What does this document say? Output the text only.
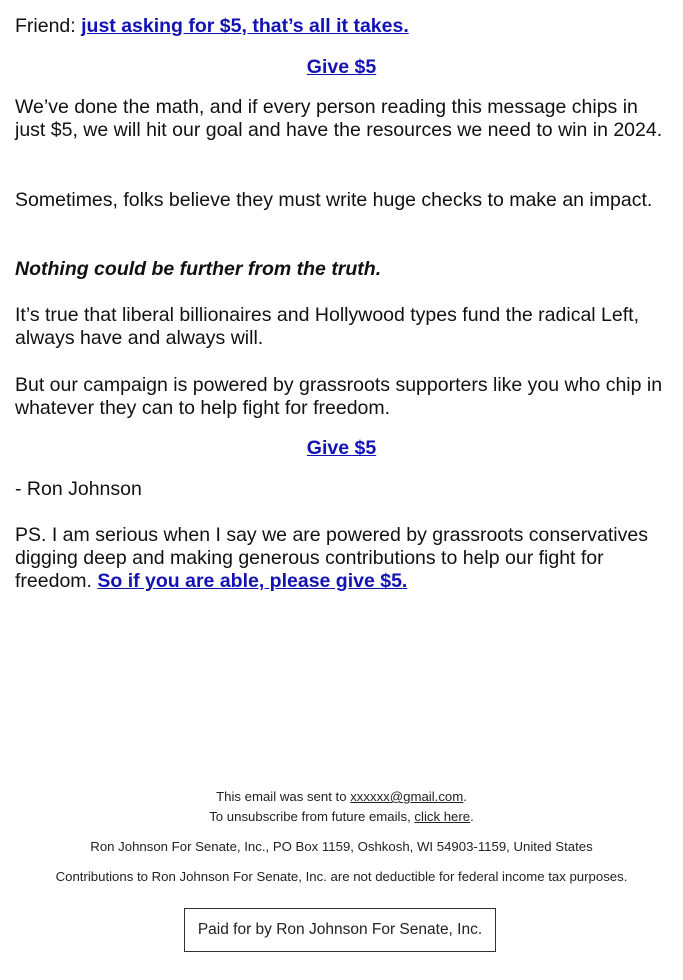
Friend: just asking for $5, that’s all it takes.

Give $5

We’ve done the math, and if every person reading this message chips in just $5, we will hit our goal and have the resources we need to win in 2024.

Sometimes, folks believe they must write huge checks to make an impact.

Nothing could be further from the truth.

It’s true that liberal billionaires and Hollywood types fund the radical Left, always have and always will.

But our campaign is powered by grassroots supporters like you who chip in whatever they can to help fight for freedom.

Give $5

- Ron Johnson

PS. I am serious when I say we are powered by grassroots conservatives digging deep and making generous contributions to help our fight for freedom. So if you are able, please give $5.

This email was sent to xxxxxx@gmail.com.
To unsubscribe from future emails, click here.
Ron Johnson For Senate, Inc., PO Box 1159, Oshkosh, WI 54903-1159, United States
Contributions to Ron Johnson For Senate, Inc. are not deductible for federal income tax purposes.
Paid for by Ron Johnson For Senate, Inc.
